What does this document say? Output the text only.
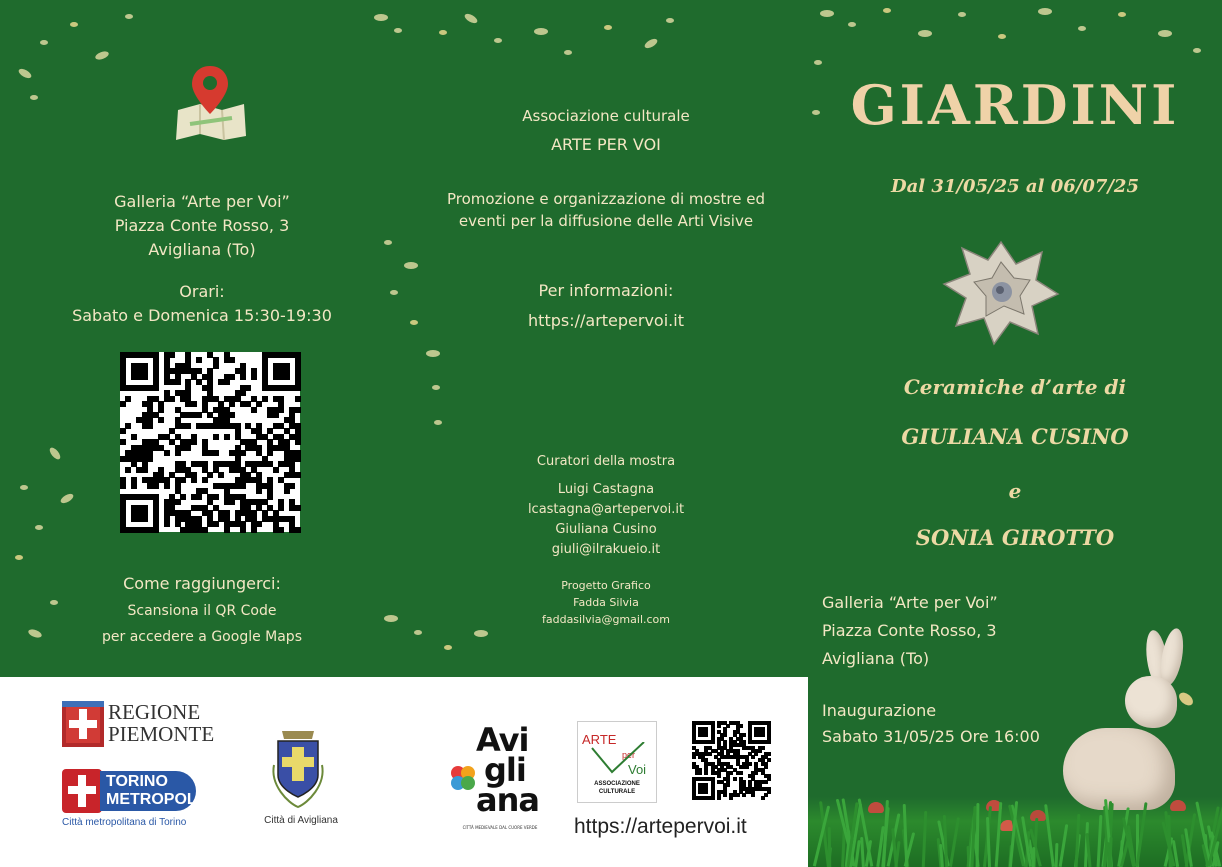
Galleria “Arte per Voi”
Piazza Conte Rosso, 3
Avigliana (To)
Orari:
Sabato e Domenica 15:30-19:30
Come raggiungerci:
Scansiona il QR Code
per accedere a Google Maps
Associazione culturale
ARTE PER VOI
Promozione e organizzazione di mostre ed
eventi per la diffusione delle Arti Visive
Per informazioni:
https://artepervoi.it
Curatori della mostra
Luigi Castagna
lcastagna@artepervoi.it
Giuliana Cusino
giuli@ilrakueio.it
Progetto Grafico
Fadda Silvia
faddasilvia@gmail.com
GIARDINI
Dal 31/05/25 al 06/07/25
Ceramiche d’arte di
GIULIANA CUSINO
e
SONIA GIROTTO
Galleria “Arte per Voi”
Piazza Conte Rosso, 3
Avigliana (To)
Inaugurazione
Sabato 31/05/25 Ore 16:00
REGIONE
PIEMONTE
TORINO
METROPOLI
Città metropolitana di Torino	Città di Avigliana
Avi
gli
ana
CITTÀ MEDIEVALE DAL CUORE VERDE
ARTE
per
Voi
ASSOCIAZIONE
CULTURALE
https://artepervoi.it
